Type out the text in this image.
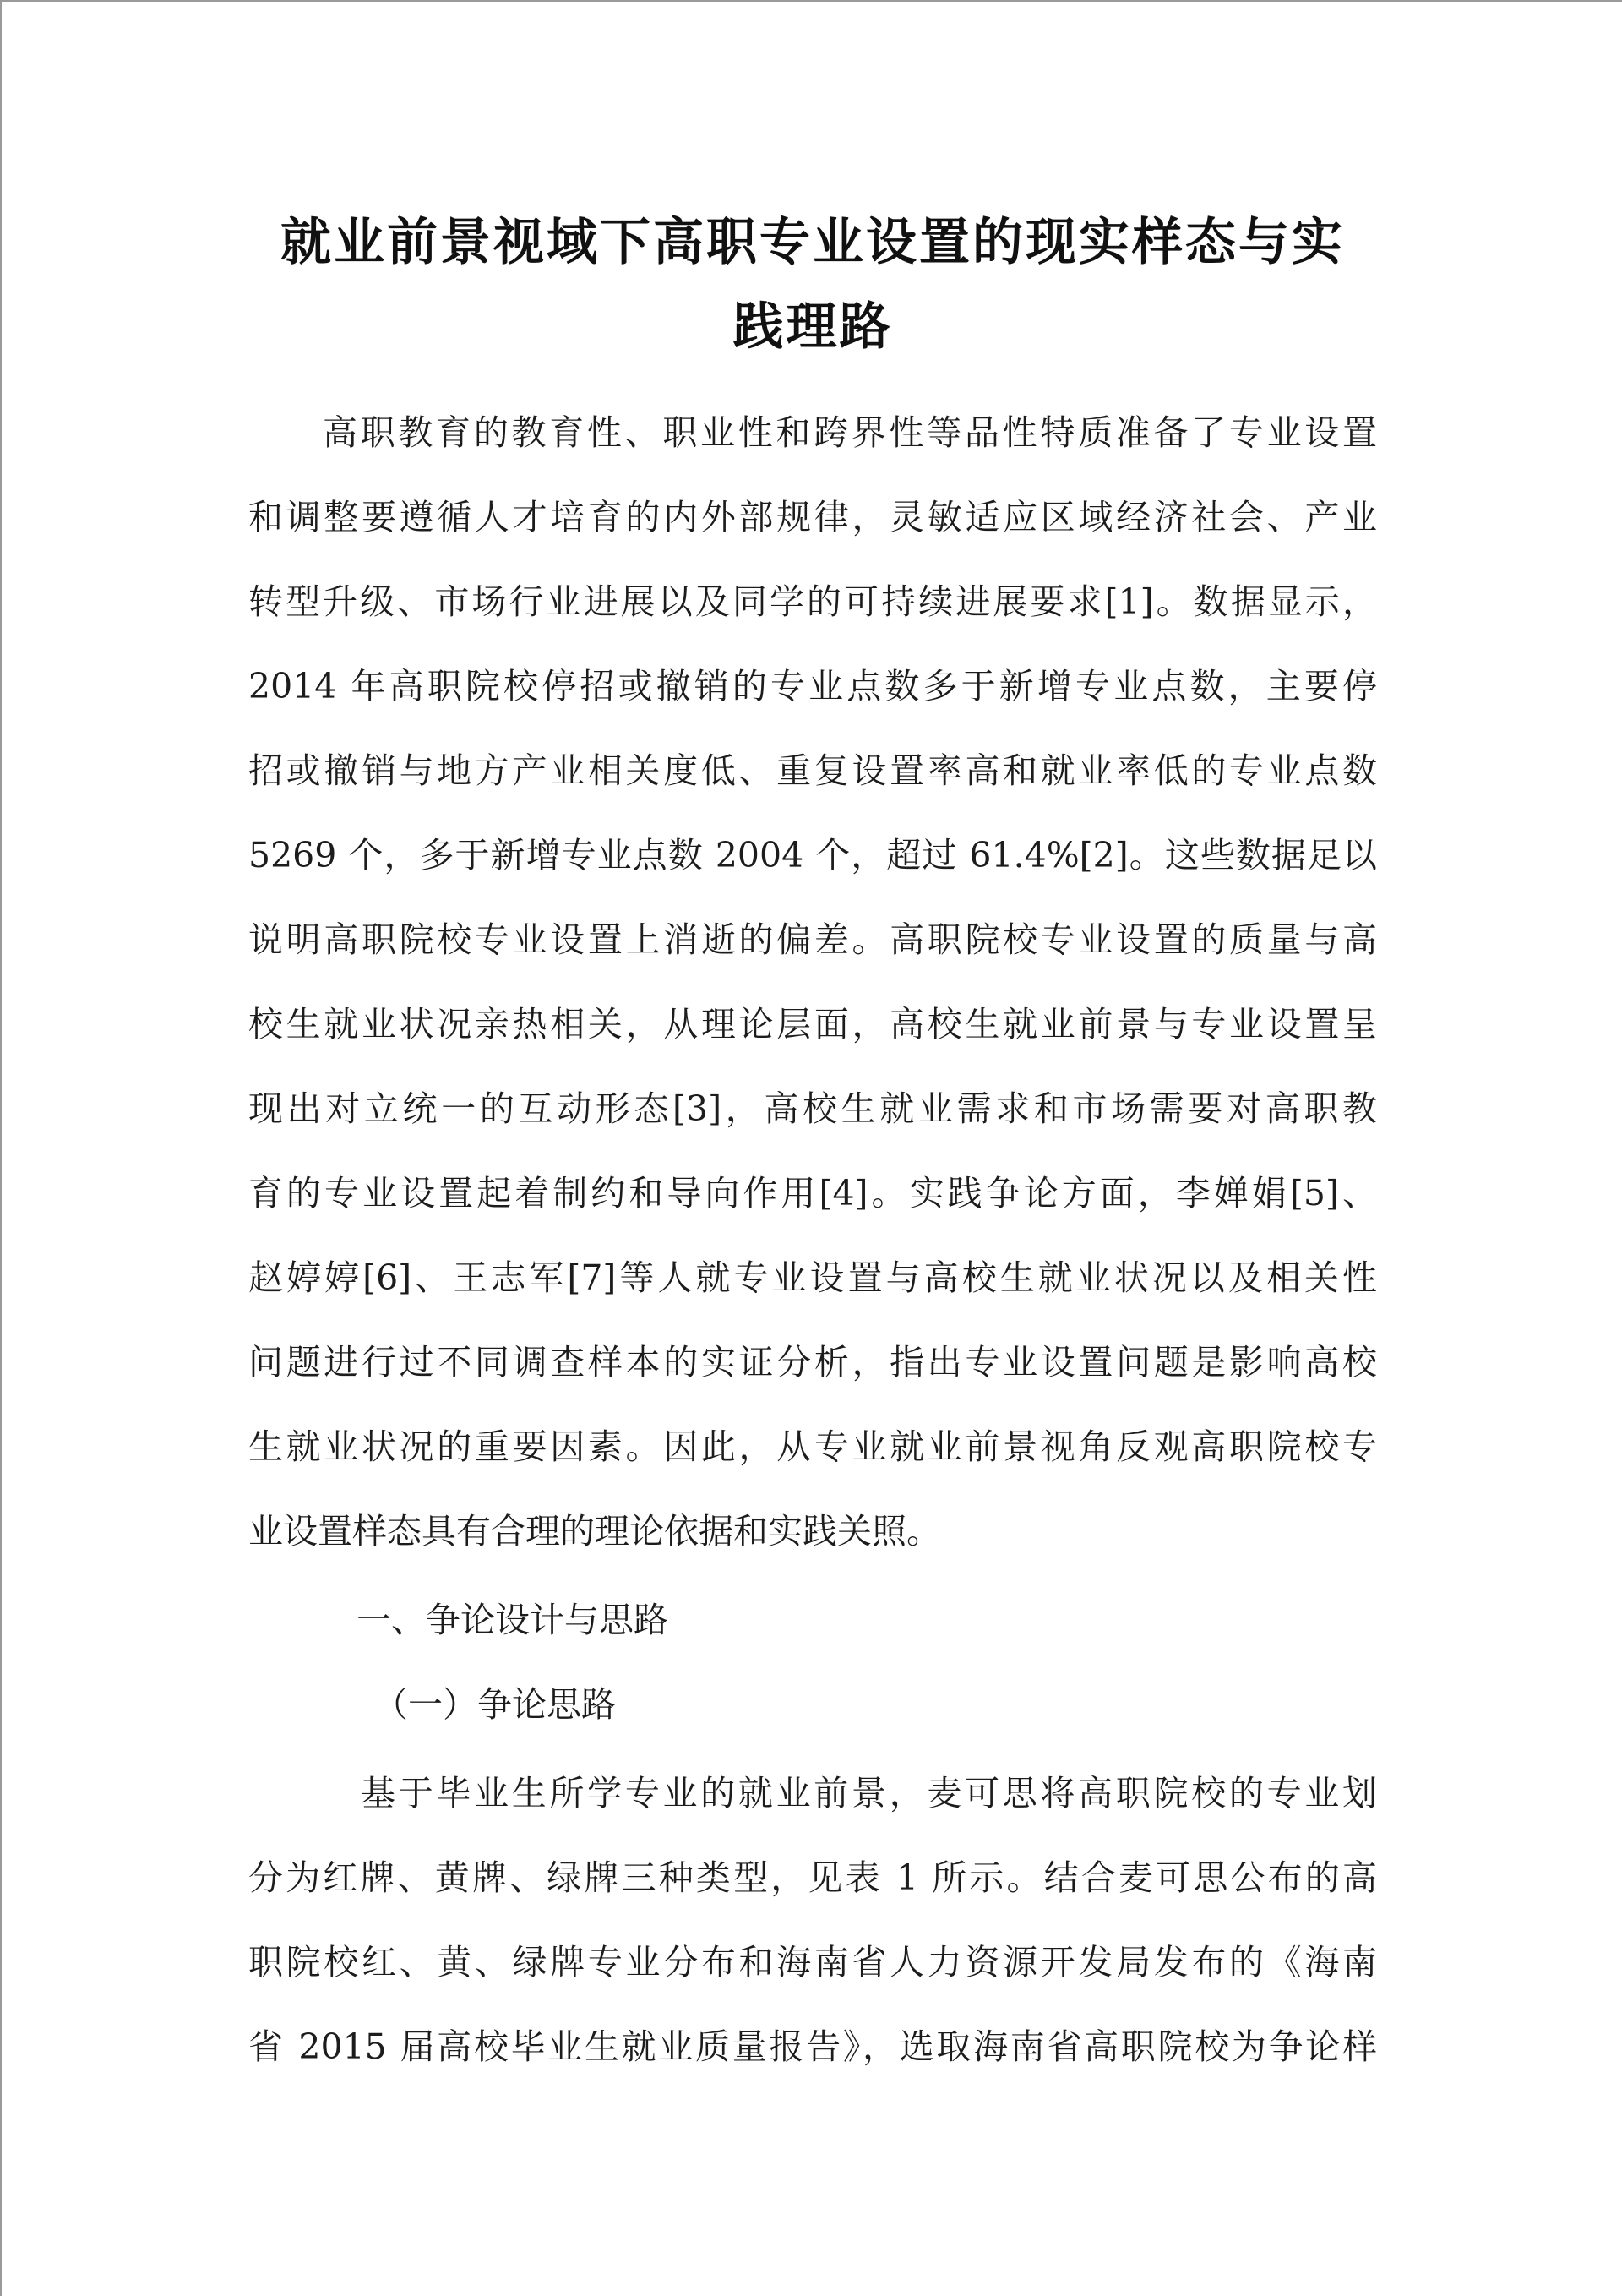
就业前景视域下高职专业设置的现实样态与实
践理路
高职教育的教育性、职业性和跨界性等品性特质准备了专业设置
和调整要遵循人才培育的内外部规律，灵敏适应区域经济社会、产业
转型升级、市场行业进展以及同学的可持续进展要求[1]。数据显示，
2014 年高职院校停招或撤销的专业点数多于新增专业点数，主要停
招或撤销与地方产业相关度低、重复设置率高和就业率低的专业点数
5269 个，多于新增专业点数 2004 个，超过 61.4%[2]。这些数据足以
说明高职院校专业设置上消逝的偏差。高职院校专业设置的质量与高
校生就业状况亲热相关，从理论层面，高校生就业前景与专业设置呈
现出对立统一的互动形态[3]，高校生就业需求和市场需要对高职教
育的专业设置起着制约和导向作用[4]。实践争论方面，李婵娟[5]、
赵婷婷[6]、王志军[7]等人就专业设置与高校生就业状况以及相关性
问题进行过不同调查样本的实证分析，指出专业设置问题是影响高校
生就业状况的重要因素。因此，从专业就业前景视角反观高职院校专
业设置样态具有合理的理论依据和实践关照。
一、争论设计与思路
（一）争论思路
基于毕业生所学专业的就业前景，麦可思将高职院校的专业划
分为红牌、黄牌、绿牌三种类型，见表 1 所示。结合麦可思公布的高
职院校红、黄、绿牌专业分布和海南省人力资源开发局发布的《海南
省 2015 届高校毕业生就业质量报告》，选取海南省高职院校为争论样
